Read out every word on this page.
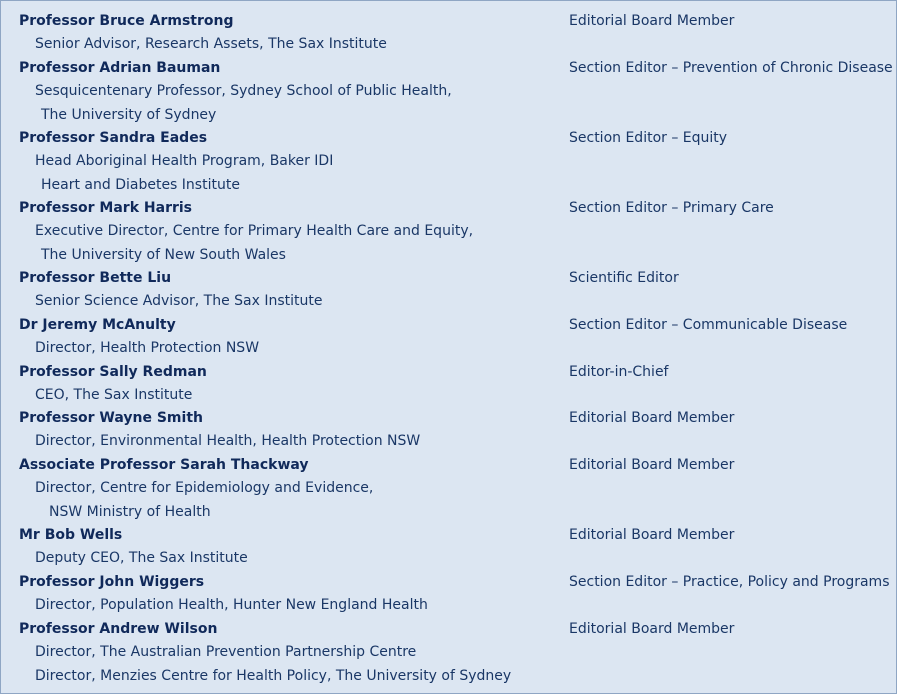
Professor Bruce Armstrong	Editorial Board Member
Senior Advisor, Research Assets, The Sax Institute
Professor Adrian Bauman	Section Editor – Prevention of Chronic Disease
Sesquicentenary Professor, Sydney School of Public Health,
The University of Sydney
Professor Sandra Eades	Section Editor – Equity
Head Aboriginal Health Program, Baker IDI
Heart and Diabetes Institute
Professor Mark Harris	Section Editor – Primary Care
Executive Director, Centre for Primary Health Care and Equity,
The University of New South Wales
Professor Bette Liu	Scientific Editor
Senior Science Advisor, The Sax Institute
Dr Jeremy McAnulty	Section Editor – Communicable Disease
Director, Health Protection NSW
Professor Sally Redman	Editor-in-Chief
CEO, The Sax Institute
Professor Wayne Smith	Editorial Board Member
Director, Environmental Health, Health Protection NSW
Associate Professor Sarah Thackway	Editorial Board Member
Director, Centre for Epidemiology and Evidence,
NSW Ministry of Health
Mr Bob Wells	Editorial Board Member
Deputy CEO, The Sax Institute
Professor John Wiggers	Section Editor – Practice, Policy and Programs
Director, Population Health, Hunter New England Health
Professor Andrew Wilson	Editorial Board Member
Director, The Australian Prevention Partnership Centre
Director, Menzies Centre for Health Policy, The University of Sydney
